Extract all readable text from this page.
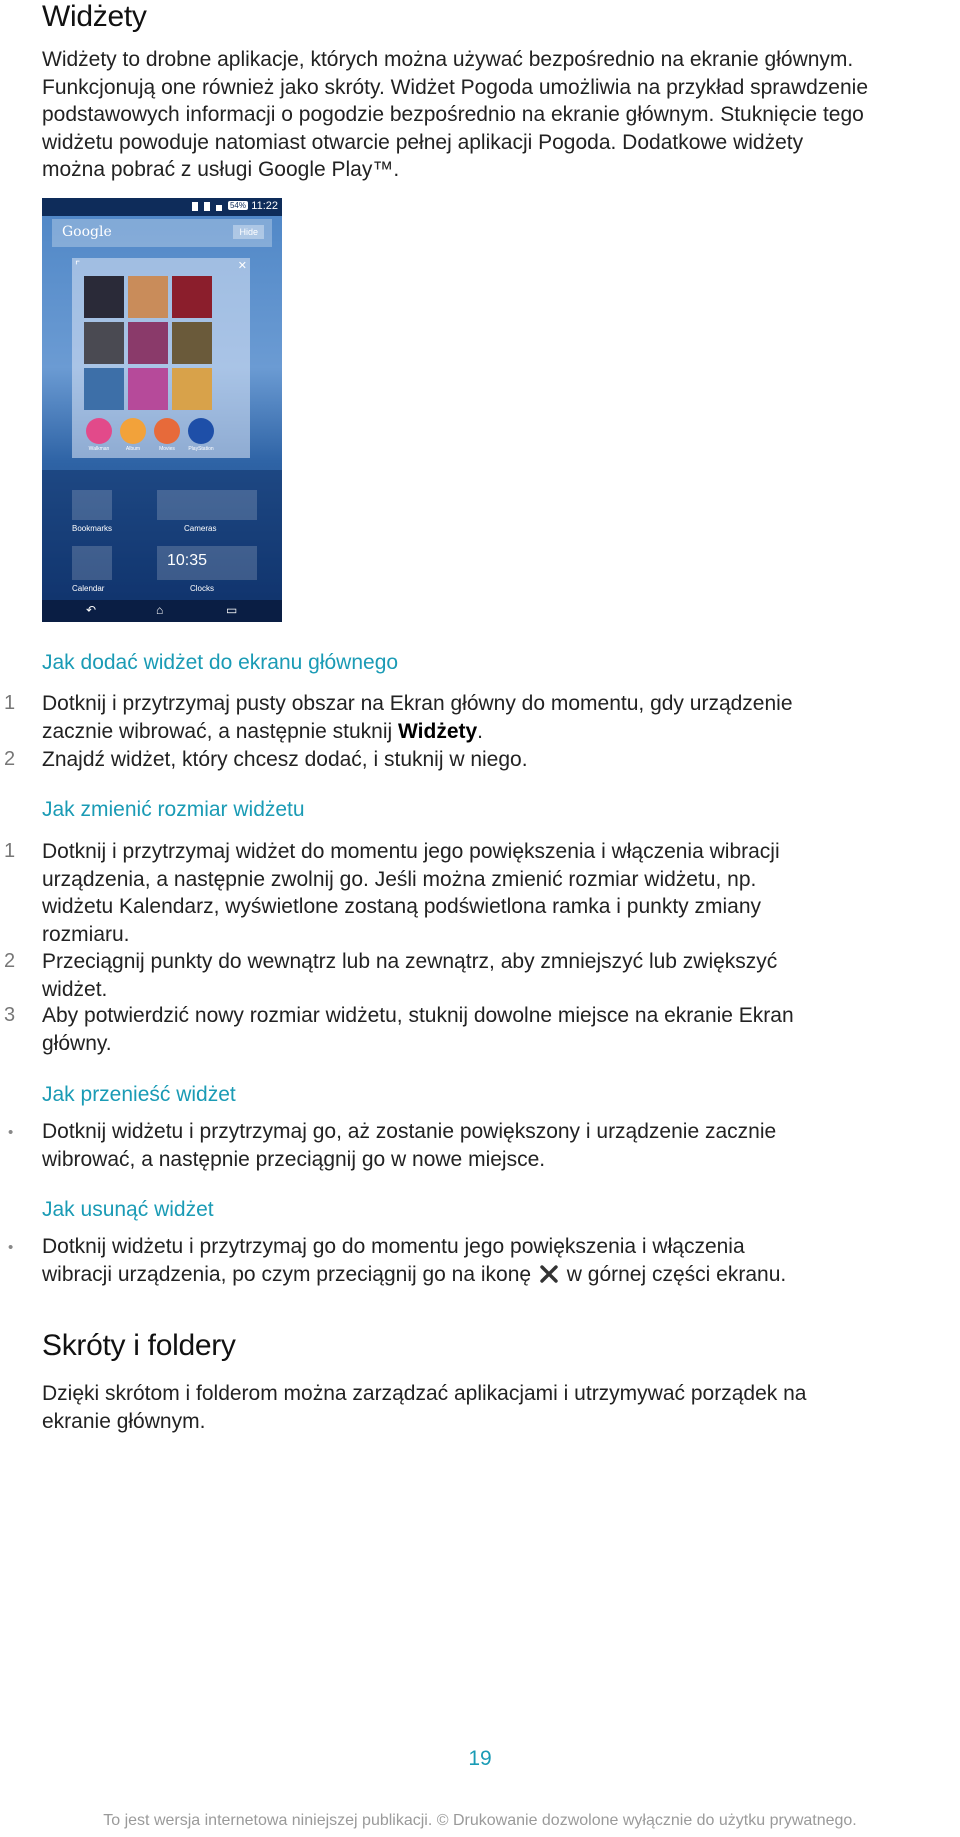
Widżety
Widżety to drobne aplikacje, których można używać bezpośrednio na ekranie głównym.
Funkcjonują one również jako skróty. Widżet Pogoda umożliwia na przykład sprawdzenie
podstawowych informacji o pogodzie bezpośrednio na ekranie głównym. Stuknięcie tego
widżetu powoduje natomiast otwarcie pełnej aplikacji Pogoda. Dodatkowe widżety
można pobrać z usługi Google Play™.
54% 11:22
Google	Hide
⌜	✕
Walkman	Album	Movies	PlayStation
Bookmarks	Cameras
Calendar
10:35
Clocks
↶	⌂	▭
Jak dodać widżet do ekranu głównego
Dotknij i przytrzymaj pusty obszar na Ekran główny do momentu, gdy urządzenie
zacznie wibrować, a następnie stuknij Widżety.
1
Znajdź widżet, który chcesz dodać, i stuknij w niego.
2
Jak zmienić rozmiar widżetu
Dotknij i przytrzymaj widżet do momentu jego powiększenia i włączenia wibracji
urządzenia, a następnie zwolnij go. Jeśli można zmienić rozmiar widżetu, np.
widżetu Kalendarz, wyświetlone zostaną podświetlona ramka i punkty zmiany
rozmiaru.
1
Przeciągnij punkty do wewnątrz lub na zewnątrz, aby zmniejszyć lub zwiększyć
widżet.
2
Aby potwierdzić nowy rozmiar widżetu, stuknij dowolne miejsce na ekranie Ekran
główny.
3
Jak przenieść widżet
• Dotknij widżetu i przytrzymaj go, aż zostanie powiększony i urządzenie zacznie
wibrować, a następnie przeciągnij go w nowe miejsce.
Jak usunąć widżet
• Dotknij widżetu i przytrzymaj go do momentu jego powiększenia i włączenia
wibracji urządzenia, po czym przeciągnij go na ikonę w górnej części ekranu.
Skróty i foldery
Dzięki skrótom i folderom można zarządzać aplikacjami i utrzymywać porządek na
ekranie głównym.
19
To jest wersja internetowa niniejszej publikacji. © Drukowanie dozwolone wyłącznie do użytku prywatnego.
